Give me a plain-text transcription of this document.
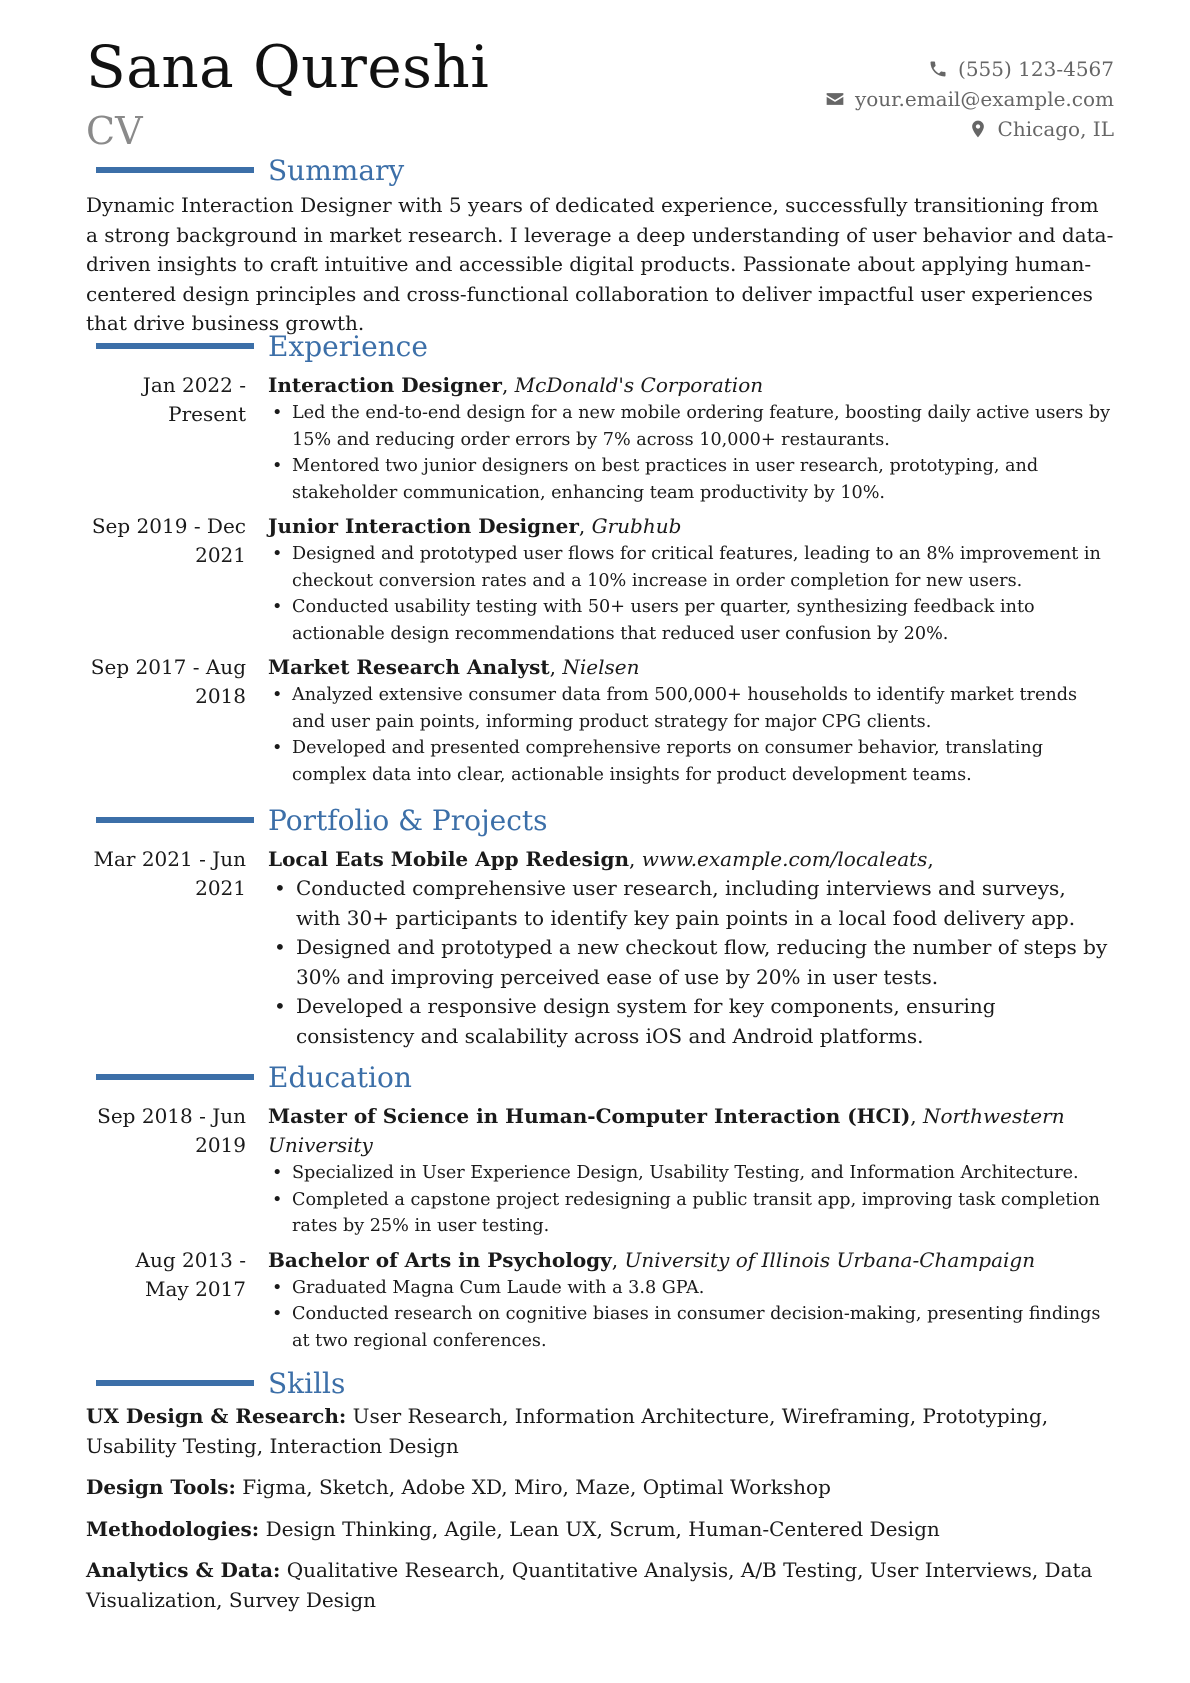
Sana Qureshi
CV
(555) 123-4567
your.email@example.com
Chicago, IL
Summary
Dynamic Interaction Designer with 5 years of dedicated experience, successfully transitioning from a strong background in market research. I leverage a deep understanding of user behavior and data-driven insights to craft intuitive and accessible digital products. Passionate about applying human-centered design principles and cross-functional collaboration to deliver impactful user experiences that drive business growth.
Experience
Jan 2022 - Present
Interaction Designer, McDonald's Corporation
• Led the end-to-end design for a new mobile ordering feature, boosting daily active users by 15% and reducing order errors by 7% across 10,000+ restaurants.
• Mentored two junior designers on best practices in user research, prototyping, and stakeholder communication, enhancing team productivity by 10%.
Sep 2019 - Dec 2021
Junior Interaction Designer, Grubhub
• Designed and prototyped user flows for critical features, leading to an 8% improvement in checkout conversion rates and a 10% increase in order completion for new users.
• Conducted usability testing with 50+ users per quarter, synthesizing feedback into actionable design recommendations that reduced user confusion by 20%.
Sep 2017 - Aug 2018
Market Research Analyst, Nielsen
• Analyzed extensive consumer data from 500,000+ households to identify market trends and user pain points, informing product strategy for major CPG clients.
• Developed and presented comprehensive reports on consumer behavior, translating complex data into clear, actionable insights for product development teams.
Portfolio & Projects
Mar 2021 - Jun 2021
Local Eats Mobile App Redesign, www.example.com/localeats,
• Conducted comprehensive user research, including interviews and surveys, with 30+ participants to identify key pain points in a local food delivery app.
• Designed and prototyped a new checkout flow, reducing the number of steps by 30% and improving perceived ease of use by 20% in user tests.
• Developed a responsive design system for key components, ensuring consistency and scalability across iOS and Android platforms.
Education
Sep 2018 - Jun 2019
Master of Science in Human-Computer Interaction (HCI), Northwestern University
• Specialized in User Experience Design, Usability Testing, and Information Architecture.
• Completed a capstone project redesigning a public transit app, improving task completion rates by 25% in user testing.
Aug 2013 - May 2017
Bachelor of Arts in Psychology, University of Illinois Urbana-Champaign
• Graduated Magna Cum Laude with a 3.8 GPA.
• Conducted research on cognitive biases in consumer decision-making, presenting findings at two regional conferences.
Skills
UX Design & Research: User Research, Information Architecture, Wireframing, Prototyping, Usability Testing, Interaction Design
Design Tools: Figma, Sketch, Adobe XD, Miro, Maze, Optimal Workshop
Methodologies: Design Thinking, Agile, Lean UX, Scrum, Human-Centered Design
Analytics & Data: Qualitative Research, Quantitative Analysis, A/B Testing, User Interviews, Data Visualization, Survey Design
